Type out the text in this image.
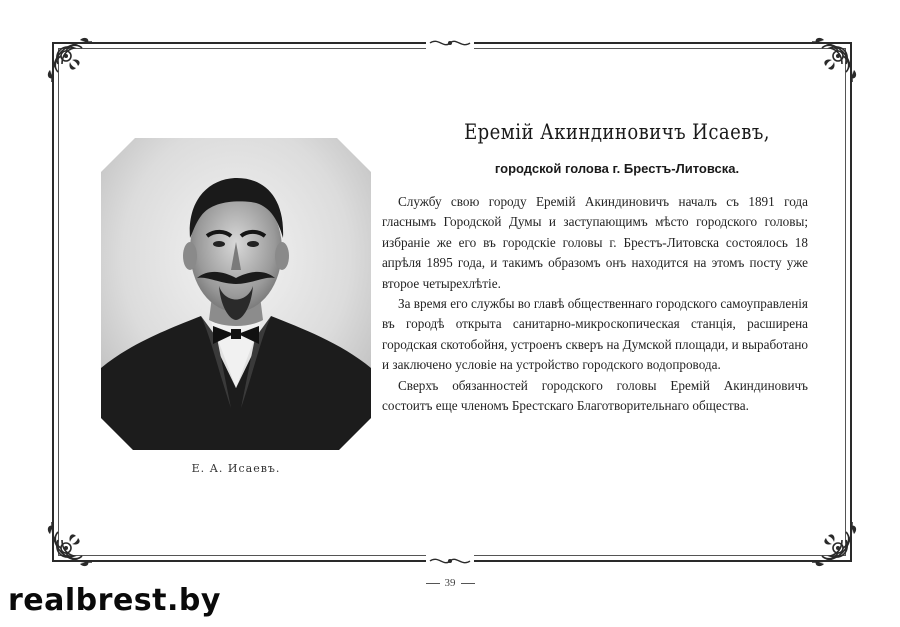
Е. А. Исаевъ.
Еремій Акиндиновичъ Исаевъ,
городской голова г. Брестъ-Литовска.

Службу свою городу Еремій Акиндиновичъ началъ съ 1891 года гласнымъ Городской Думы и заступающимъ мѣсто городского головы; избраніе же его въ городскіе головы г. Брестъ-Литовска состоялось 18 апрѣля 1895 года, и такимъ образомъ онъ находится на этомъ посту уже второе четырехлѣтіе.

За время его службы во главѣ общественнаго городского самоуправленія въ городѣ открыта санитарно-микроскопическая станція, расширена городская скотобойня, устроенъ скверъ на Думской площади, и выработано и заключено условіе на устройство городского водопровода.

Сверхъ обязанностей городского головы Еремій Акиндиновичъ состоитъ еще членомъ Брестскаго Благотворительнаго общества.

39
realbrest.by
